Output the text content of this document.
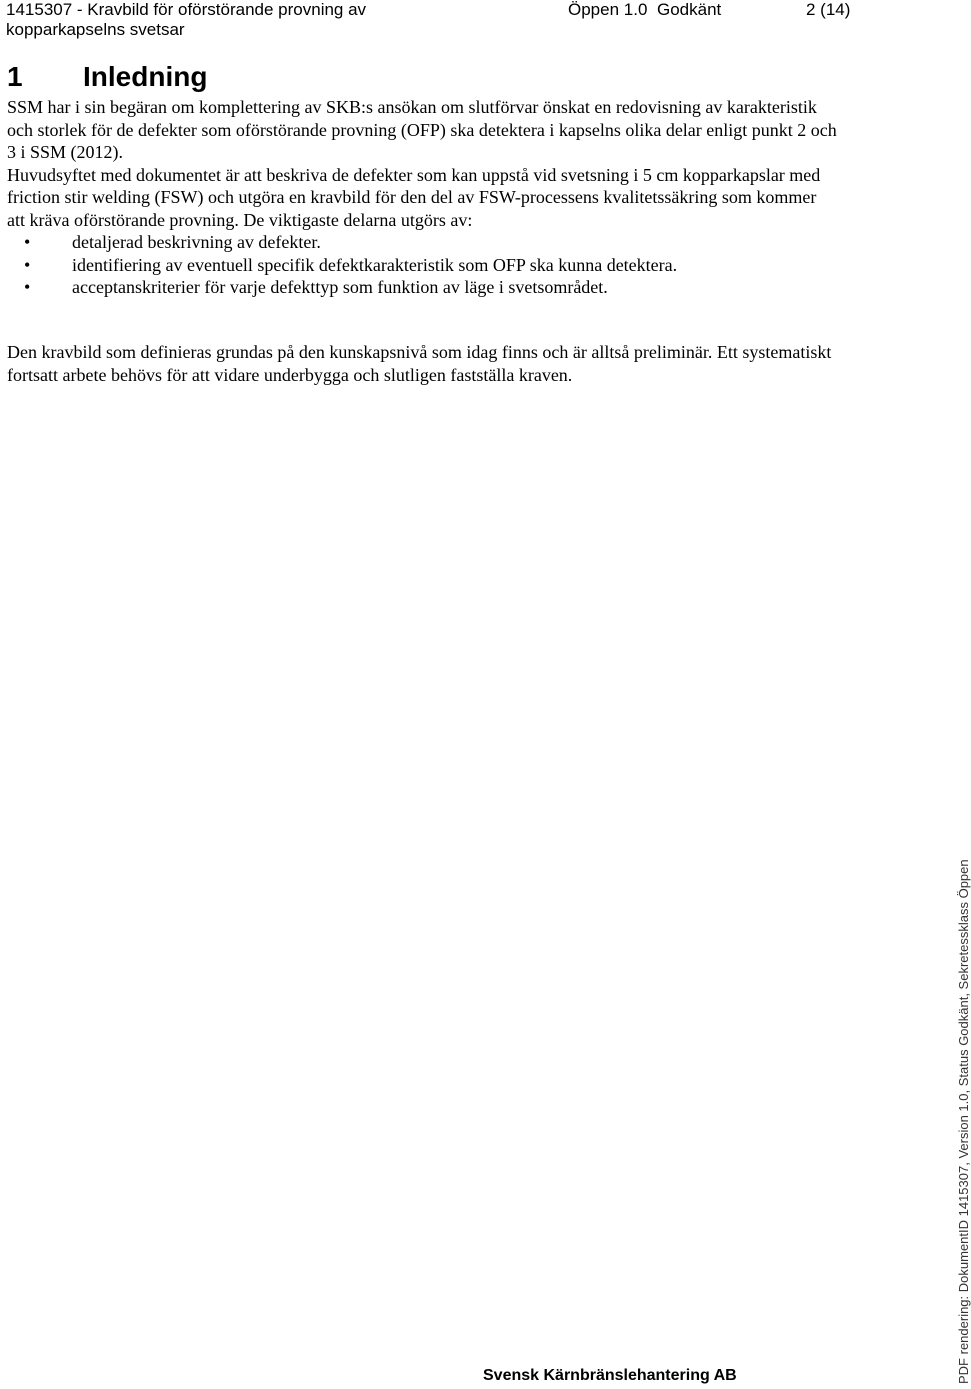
1415307 - Kravbild för oförstörande provning av
kopparkapselns svetsar
Öppen 1.0 Godkänt	2 (14)
1 Inledning

SSM har i sin begäran om komplettering av SKB:s ansökan om slutförvar önskat en redovisning av karakteristik och storlek för de defekter som oförstörande provning (OFP) ska detektera i kapselns olika delar enligt punkt 2 och 3 i SSM (2012).

Huvudsyftet med dokumentet är att beskriva de defekter som kan uppstå vid svetsning i 5 cm kopparkapslar med friction stir welding (FSW) och utgöra en kravbild för den del av FSW-processens kvalitetssäkring som kommer att kräva oförstörande provning. De viktigaste delarna utgörs av:

• detaljerad beskrivning av defekter.
• identifiering av eventuell specifik defektkarakteristik som OFP ska kunna detektera.
• acceptanskriterier för varje defekttyp som funktion av läge i svetsområdet.

Den kravbild som definieras grundas på den kunskapsnivå som idag finns och är alltså preliminär. Ett systematiskt fortsatt arbete behövs för att vidare underbygga och slutligen fastställa kraven.

Svensk Kärnbränslehantering AB	PDF rendering: DokumentID 1415307, Version 1.0, Status Godkänt, Sekretessklass Öppen
